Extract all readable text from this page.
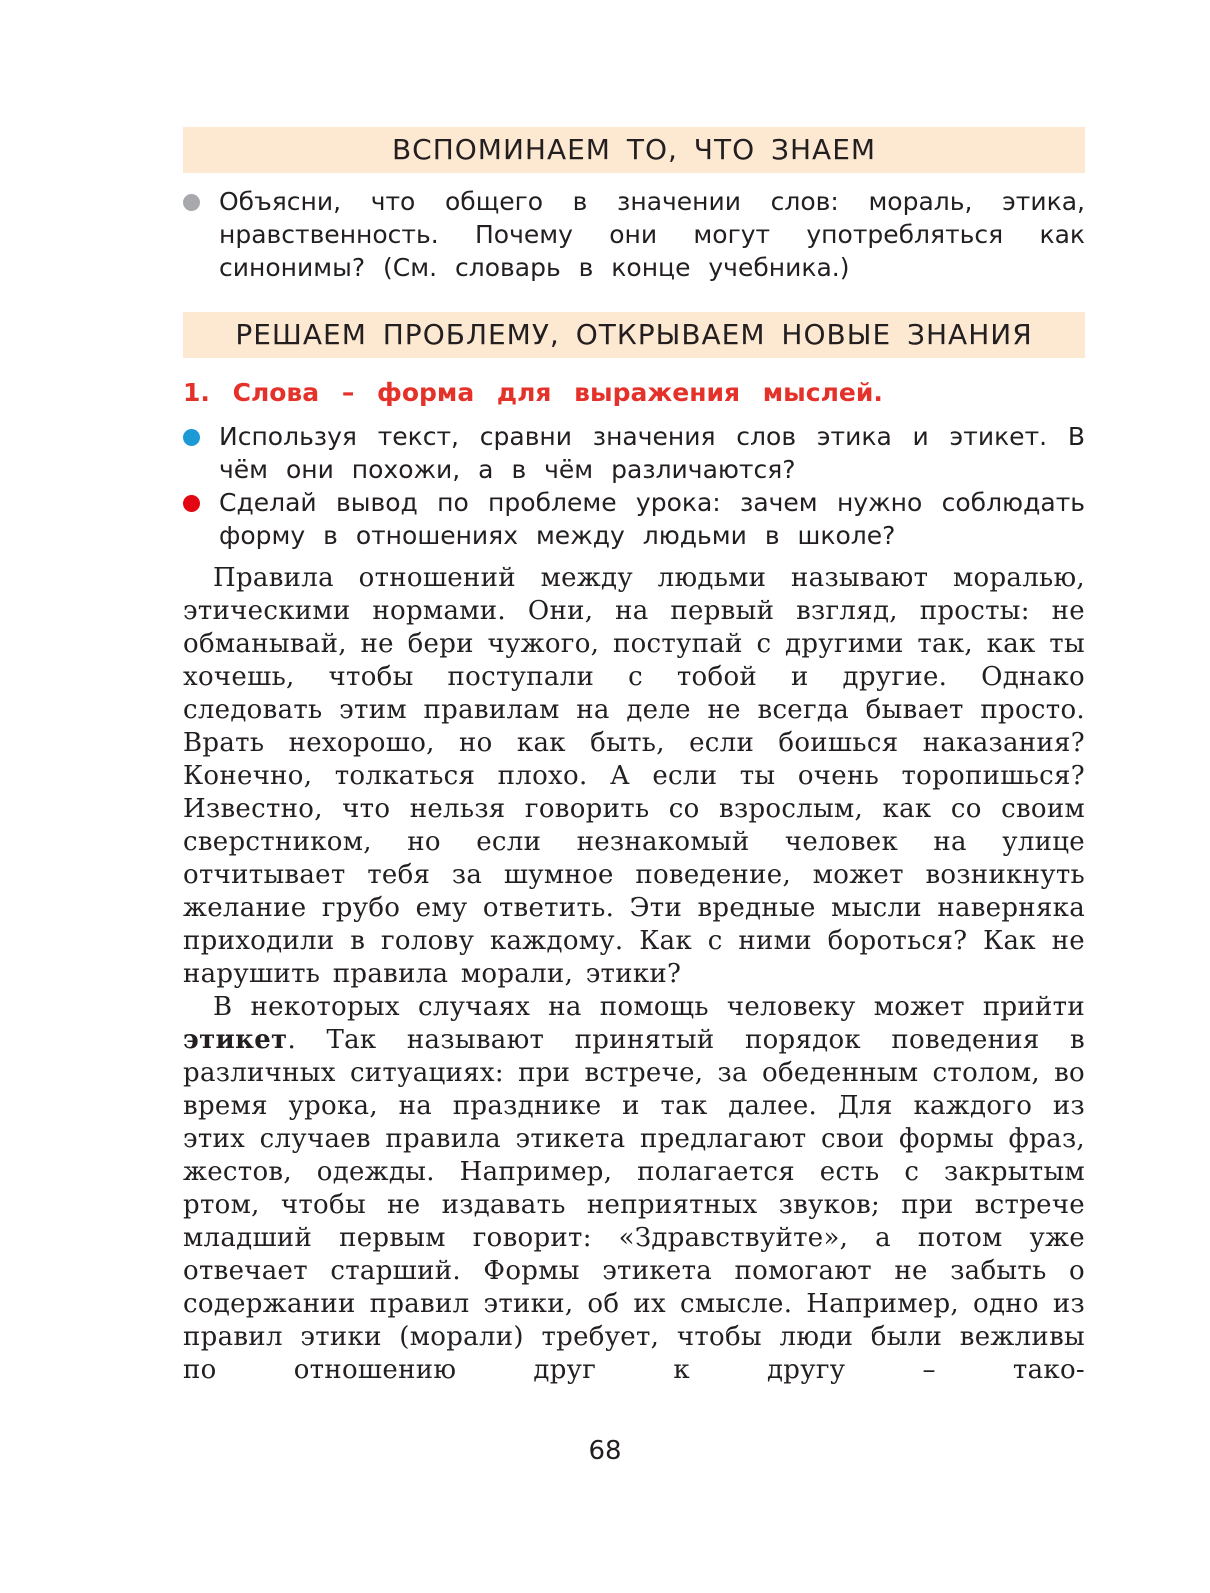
ВСПОМИНАЕМ ТО, ЧТО ЗНАЕМ
Объясни, что общего в значении слов: мораль, этика, нравственность. Почему они могут употребляться как синонимы? (См. словарь в конце учебника.)
РЕШАЕМ ПРОБЛЕМУ, ОТКРЫВАЕМ НОВЫЕ ЗНАНИЯ
1. Слова – форма для выражения мыслей.
Используя текст, сравни значения слов этика и этикет. В чём они похожи, а в чём различаются?
Сделай вывод по проблеме урока: зачем нужно соблюдать форму в отношениях между людьми в школе?

Правила отношений между людьми называют моралью, этическими нормами. Они, на первый взгляд, просты: не обманывай, не бери чужого, поступай с другими так, как ты хочешь, чтобы поступали с тобой и другие. Однако следовать этим правилам на деле не всегда бывает просто. Врать нехорошо, но как быть, если боишься наказания? Конечно, толкаться плохо. А если ты очень торопишься? Известно, что нельзя говорить со взрослым, как со своим сверстником, но если незнакомый человек на улице отчитывает тебя за шумное поведение, может возникнуть желание грубо ему ответить. Эти вредные мысли наверняка приходили в голову каждому. Как с ними бороться? Как не нарушить правила морали, этики?

В некоторых случаях на помощь человеку может прийти этикет. Так называют принятый порядок поведения в различных ситуациях: при встрече, за обеденным столом, во время урока, на празднике и так далее. Для каждого из этих случаев правила этикета предлагают свои формы фраз, жестов, одежды. Например, полагается есть с закрытым ртом, чтобы не издавать неприятных звуков; при встрече младший первым говорит: «Здравствуйте», а потом уже отвечает старший. Формы этикета помогают не забыть о содержании правил этики, об их смысле. Например, одно из правил этики (морали) требует, чтобы люди были вежливы по отношению друг к другу – тако-

68
